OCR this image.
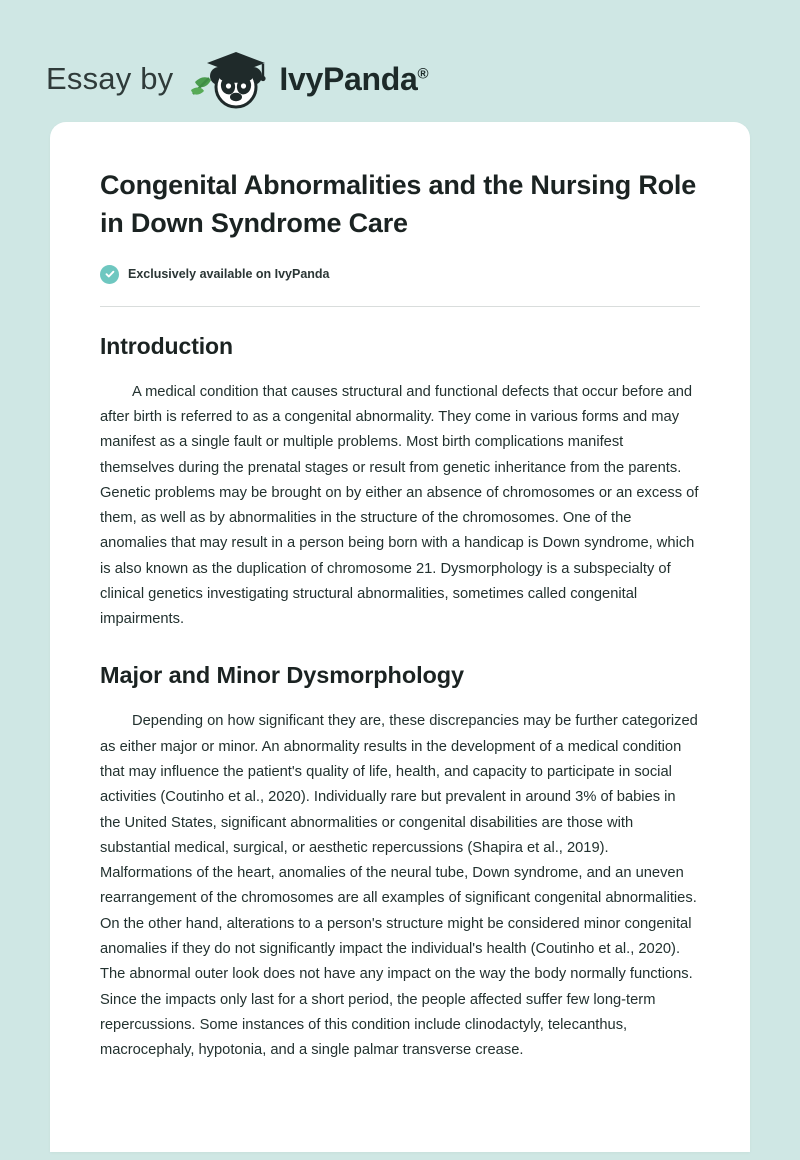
Essay by	IvyPanda®
Congenital Abnormalities and the Nursing Role in Down Syndrome Care
Exclusively available on IvyPanda
Introduction

A medical condition that causes structural and functional defects that occur before and after birth is referred to as a congenital abnormality. They come in various forms and may manifest as a single fault or multiple problems. Most birth complications manifest themselves during the prenatal stages or result from genetic inheritance from the parents. Genetic problems may be brought on by either an absence of chromosomes or an excess of them, as well as by abnormalities in the structure of the chromosomes. One of the anomalies that may result in a person being born with a handicap is Down syndrome, which is also known as the duplication of chromosome 21. Dysmorphology is a subspecialty of clinical genetics investigating structural abnormalities, sometimes called congenital impairments.

Major and Minor Dysmorphology

Depending on how significant they are, these discrepancies may be further categorized as either major or minor. An abnormality results in the development of a medical condition that may influence the patient's quality of life, health, and capacity to participate in social activities (Coutinho et al., 2020). Individually rare but prevalent in around 3% of babies in the United States, significant abnormalities or congenital disabilities are those with substantial medical, surgical, or aesthetic repercussions (Shapira et al., 2019). Malformations of the heart, anomalies of the neural tube, Down syndrome, and an uneven rearrangement of the chromosomes are all examples of significant congenital abnormalities. On the other hand, alterations to a person's structure might be considered minor congenital anomalies if they do not significantly impact the individual's health (Coutinho et al., 2020). The abnormal outer look does not have any impact on the way the body normally functions. Since the impacts only last for a short period, the people affected suffer few long-term repercussions. Some instances of this condition include clinodactyly, telecanthus, macrocephaly, hypotonia, and a single palmar transverse crease.
